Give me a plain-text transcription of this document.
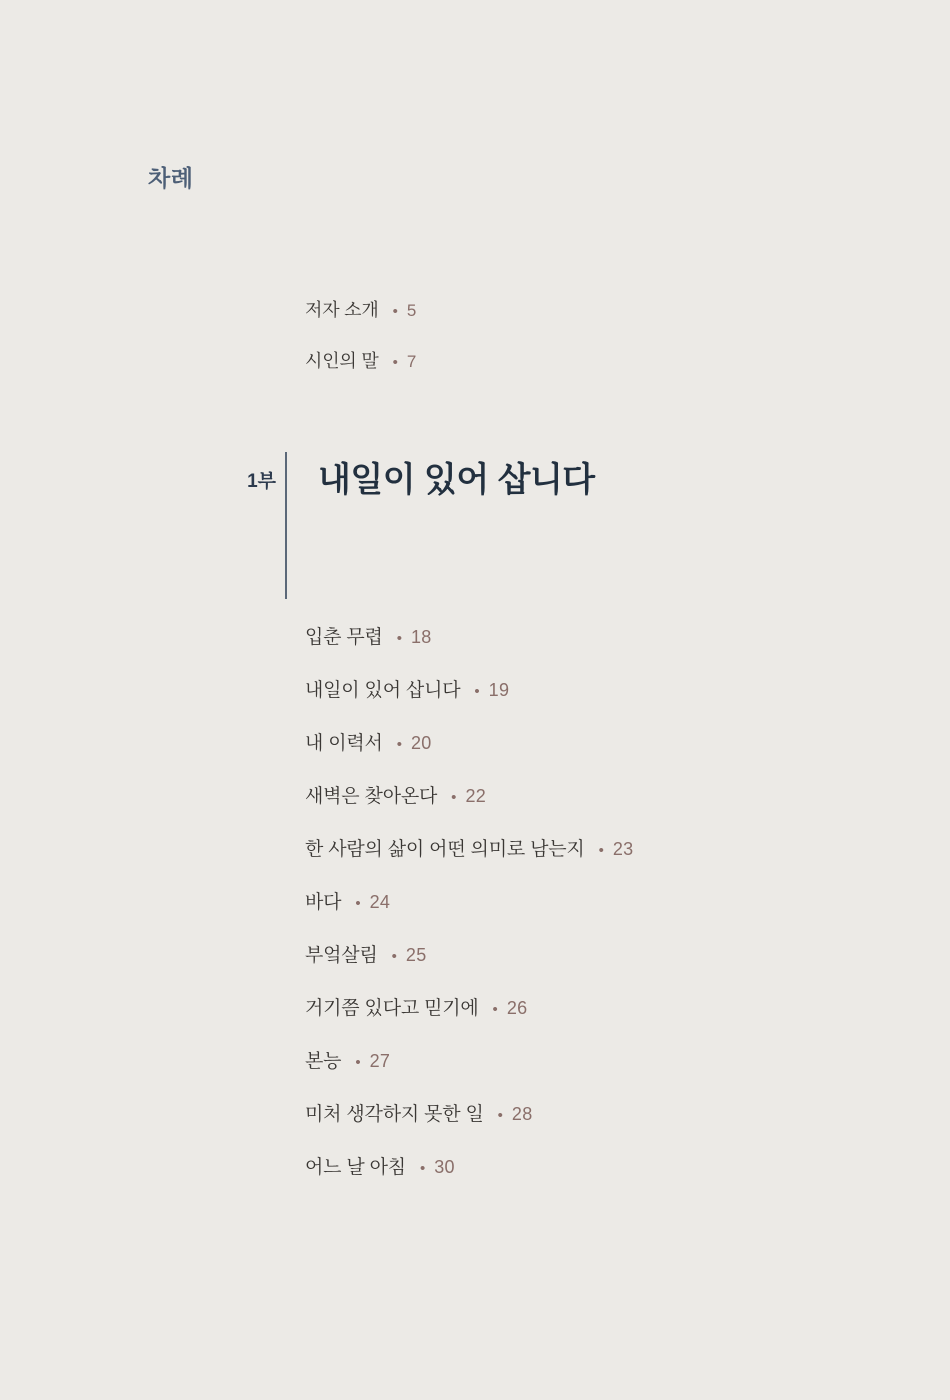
차례
저자 소개 • 5
시인의 말 • 7
1부 내일이 있어 삽니다
입춘 무렵 • 18
내일이 있어 삽니다 • 19
내 이력서 • 20
새벽은 찾아온다 • 22
한 사람의 삶이 어떤 의미로 남는지 • 23
바다 • 24
부엌살림 • 25
거기쯤 있다고 믿기에 • 26
본능 • 27
미처 생각하지 못한 일 • 28
어느 날 아침 • 30
